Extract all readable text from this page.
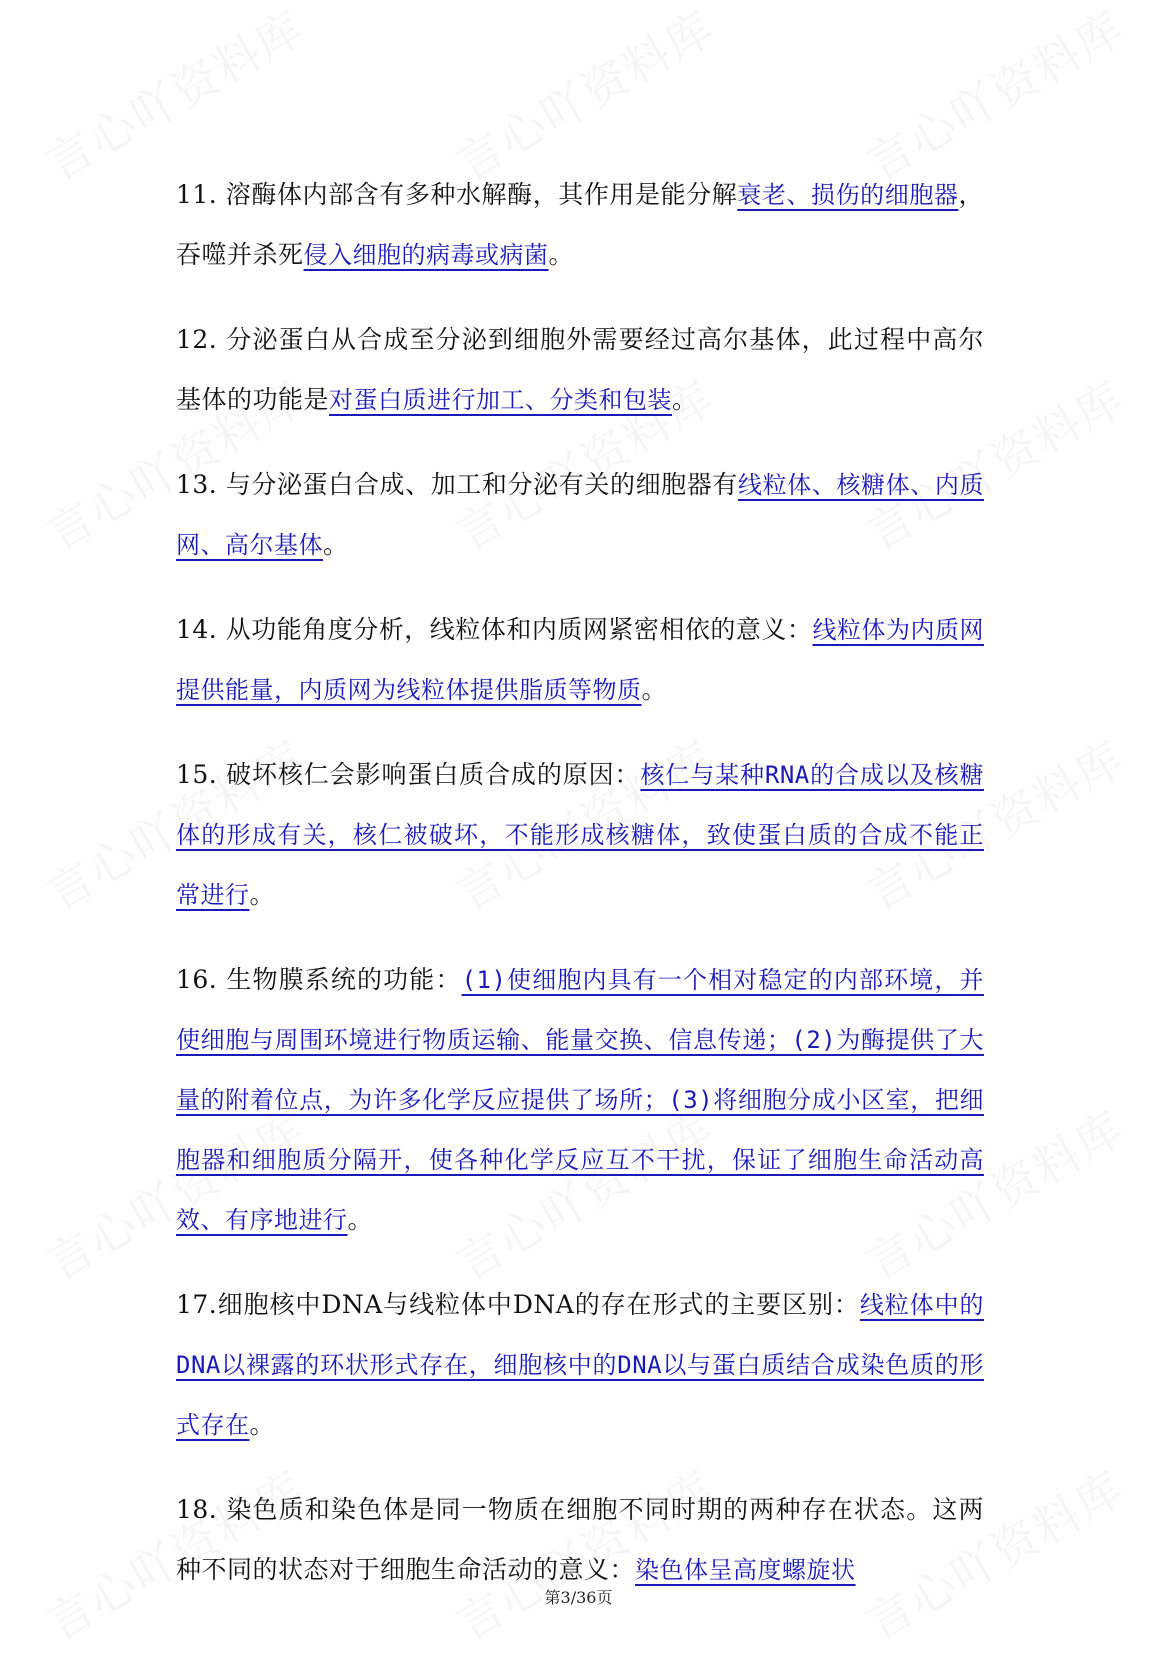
11. 溶酶体内部含有多种水解酶，其作用是能分解衰老、损伤的细胞器，吞噬并杀死侵入细胞的病毒或病菌。

12. 分泌蛋白从合成至分泌到细胞外需要经过高尔基体，此过程中高尔基体的功能是对蛋白质进行加工、分类和包装。

13. 与分泌蛋白合成、加工和分泌有关的细胞器有线粒体、核糖体、内质网、高尔基体。

14. 从功能角度分析，线粒体和内质网紧密相依的意义：线粒体为内质网提供能量，内质网为线粒体提供脂质等物质。

15. 破坏核仁会影响蛋白质合成的原因：核仁与某种RNA的合成以及核糖体的形成有关，核仁被破坏，不能形成核糖体，致使蛋白质的合成不能正常进行。

16. 生物膜系统的功能：(1)使细胞内具有一个相对稳定的内部环境，并使细胞与周围环境进行物质运输、能量交换、信息传递；(2)为酶提供了大量的附着位点，为许多化学反应提供了场所；(3)将细胞分成小区室，把细胞器和细胞质分隔开，使各种化学反应互不干扰，保证了细胞生命活动高效、有序地进行。

17.细胞核中DNA与线粒体中DNA的存在形式的主要区别：线粒体中的DNA以裸露的环状形式存在，细胞核中的DNA以与蛋白质结合成染色质的形式存在。

18. 染色质和染色体是同一物质在细胞不同时期的两种存在状态。这两种不同的状态对于细胞生命活动的意义：染色体呈高度螺旋状

第3/36页
